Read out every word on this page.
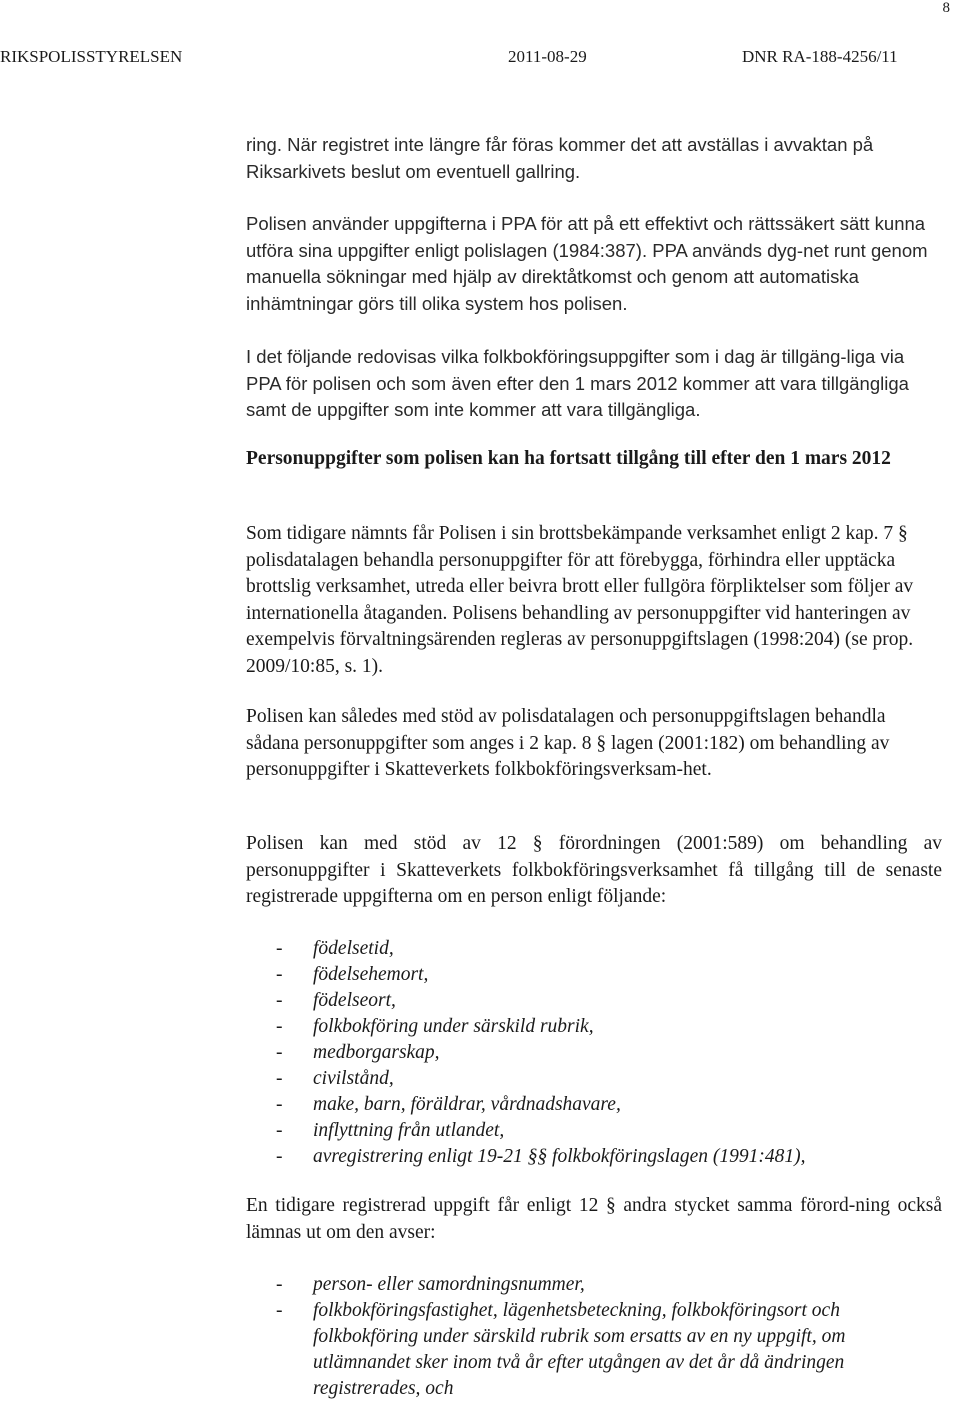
8
RIKSPOLISSTYRELSEN	2011-08-29	DNR RA-188-4256/11

ring. När registret inte längre får föras kommer det att avställas i avvaktan på Riksarkivets beslut om eventuell gallring.

Polisen använder uppgifterna i PPA för att på ett effektivt och rättssäkert sätt kunna utföra sina uppgifter enligt polislagen (1984:387). PPA används dyg-net runt genom manuella sökningar med hjälp av direktåtkomst och genom att automatiska inhämtningar görs till olika system hos polisen.

I det följande redovisas vilka folkbokföringsuppgifter som i dag är tillgäng-liga via PPA för polisen och som även efter den 1 mars 2012 kommer att vara tillgängliga samt de uppgifter som inte kommer att vara tillgängliga.

Personuppgifter som polisen kan ha fortsatt tillgång till efter den 1 mars 2012

Som tidigare nämnts får Polisen i sin brottsbekämpande verksamhet enligt 2 kap. 7 § polisdatalagen behandla personuppgifter för att förebygga, förhindra eller upptäcka brottslig verksamhet, utreda eller beivra brott eller fullgöra förpliktelser som följer av internationella åtaganden. Polisens behandling av personuppgifter vid hanteringen av exempelvis förvaltningsärenden regleras av personuppgiftslagen (1998:204) (se prop. 2009/10:85, s. 1).

Polisen kan således med stöd av polisdatalagen och personuppgiftslagen behandla sådana personuppgifter som anges i 2 kap. 8 § lagen (2001:182) om behandling av personuppgifter i Skatteverkets folkbokföringsverksam-het.

Polisen kan med stöd av 12 § förordningen (2001:589) om behandling av personuppgifter i Skatteverkets folkbokföringsverksamhet få tillgång till de senaste registrerade uppgifterna om en person enligt följande:

- födelsetid,
- födelsehemort,
- födelseort,
- folkbokföring under särskild rubrik,
- medborgarskap,
- civilstånd,
- make, barn, föräldrar, vårdnadshavare,
- inflyttning från utlandet,
- avregistrering enligt 19-21 §§ folkbokföringslagen (1991:481),

En tidigare registrerad uppgift får enligt 12 § andra stycket samma förord-ning också lämnas ut om den avser:

- person- eller samordningsnummer,
- folkbokföringsfastighet, lägenhetsbeteckning, folkbokföringsort och folkbokföring under särskild rubrik som ersatts av en ny uppgift, om utlämnandet sker inom två år efter utgången av det år då ändringen registrerades, och
